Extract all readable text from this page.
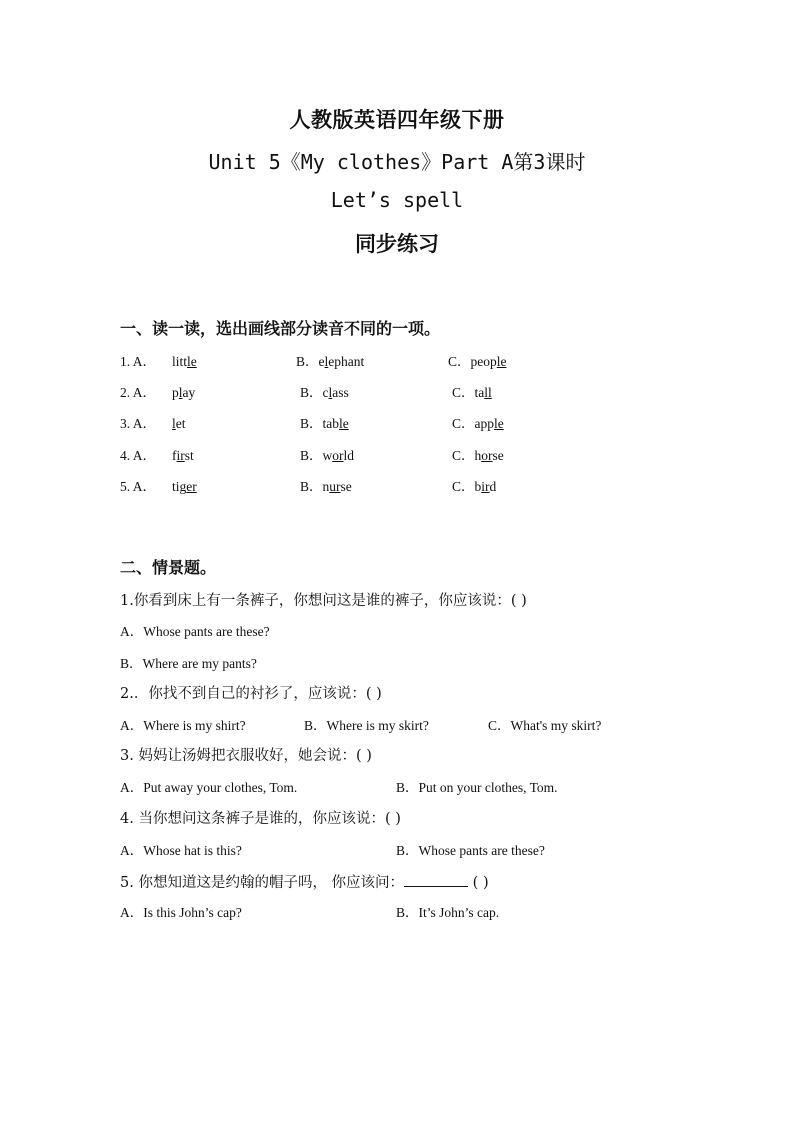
人教版英语四年级下册
Unit 5《My clothes》Part A第3课时
Let’s spell
同步练习
一、读一读，选出画线部分读音不同的一项。
1. A． little	B．elephant	C．people
2. A． play	B．class	C．tall
3. A． let	B．table	C．apple
4. A． first	B．world	C．horse
5. A． tiger	B．nurse	C．bird
二、情景题。
1.你看到床上有一条裤子，你想问这是谁的裤子，你应该说：( )
A．Whose pants are these?
B．Where are my pants?
2.．你找不到自己的衬衫了，应该说：( )
A．Where is my shirt?	B．Where is my skirt?	C．What's my skirt?
3. 妈妈让汤姆把衣服收好，她会说：( )
A．Put away your clothes, Tom.	B．Put on your clothes, Tom.
4. 当你想问这条裤子是谁的，你应该说：( )
A．Whose hat is this?	B．Whose pants are these?
5. 你想知道这是约翰的帽子吗， 你应该问：	( )
A．Is this John’s cap?	B．It’s John’s cap.
